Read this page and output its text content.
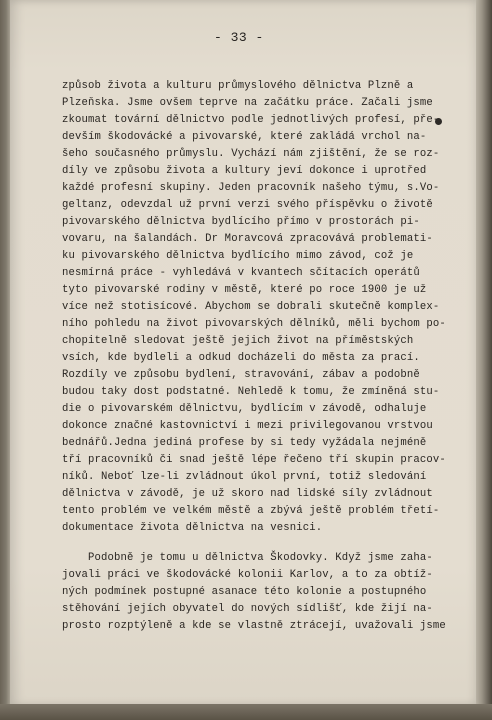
- 33 -
způsob života a kulturu průmyslového dělnictva Plzně a
Plzeňska. Jsme ovšem teprve na začátku práce. Začali jsme
zkoumat tovární dělnictvo podle jednotlivých profesí, pře-
devším škodovácké a pivovarské, které zakládá vrchol na-
šeho současného průmyslu. Vychází nám zjištění, že se roz-
díly ve způsobu života a kultury jeví dokonce i uprotřed
každé profesní skupiny. Jeden pracovník našeho týmu, s.Vo-
geltanz, odevzdal už první verzi svého příspěvku o životě
pivovarského dělnictva bydlícího přímo v prostorách pi-
vovaru, na šalandách. Dr Moravcová zpracovává problemati-
ku pivovarského dělnictva bydlícího mimo závod, což je
nesmírná práce - vyhledává v kvantech sčítacích operátů
tyto pivovarské rodiny v městě, které po roce 1900 je už
více než stotisícové. Abychom se dobrali skutečně komplex-
ního pohledu na život pivovarských dělníků, měli bychom po-
chopitelně sledovat ještě jejich život na příměstských
vsích, kde bydleli a odkud docházeli do města za prací.
Rozdíly ve způsobu bydlení, stravování, zábav a podobně
budou taky dost podstatné. Nehledě k tomu, že zmíněná stu-
die o pivovarském dělnictvu, bydlícím v závodě, odhaluje
dokonce značné kastovnictví i mezi privilegovanou vrstvou
bednářů.Jedna jediná profese by si tedy vyžádala nejméně
tří pracovníků či snad ještě lépe řečeno tří skupin pracov-
níků. Neboť lze-li zvládnout úkol první, totiž sledování
dělnictva v závodě, je už skoro nad lidské síly zvládnout
tento problém ve velkém městě a zbývá ještě problém třetí-
dokumentace života dělnictva na vesnici.
Podobně je tomu u dělnictva Škodovky. Když jsme zaha-
jovali práci ve škodovácké kolonii Karlov, a to za obtíž-
ných podmínek postupné asanace této kolonie a postupného
stěhování jejích obyvatel do nových sídlišť, kde žijí na-
prosto rozptýleně a kde se vlastně ztrácejí, uvažovali jsme
